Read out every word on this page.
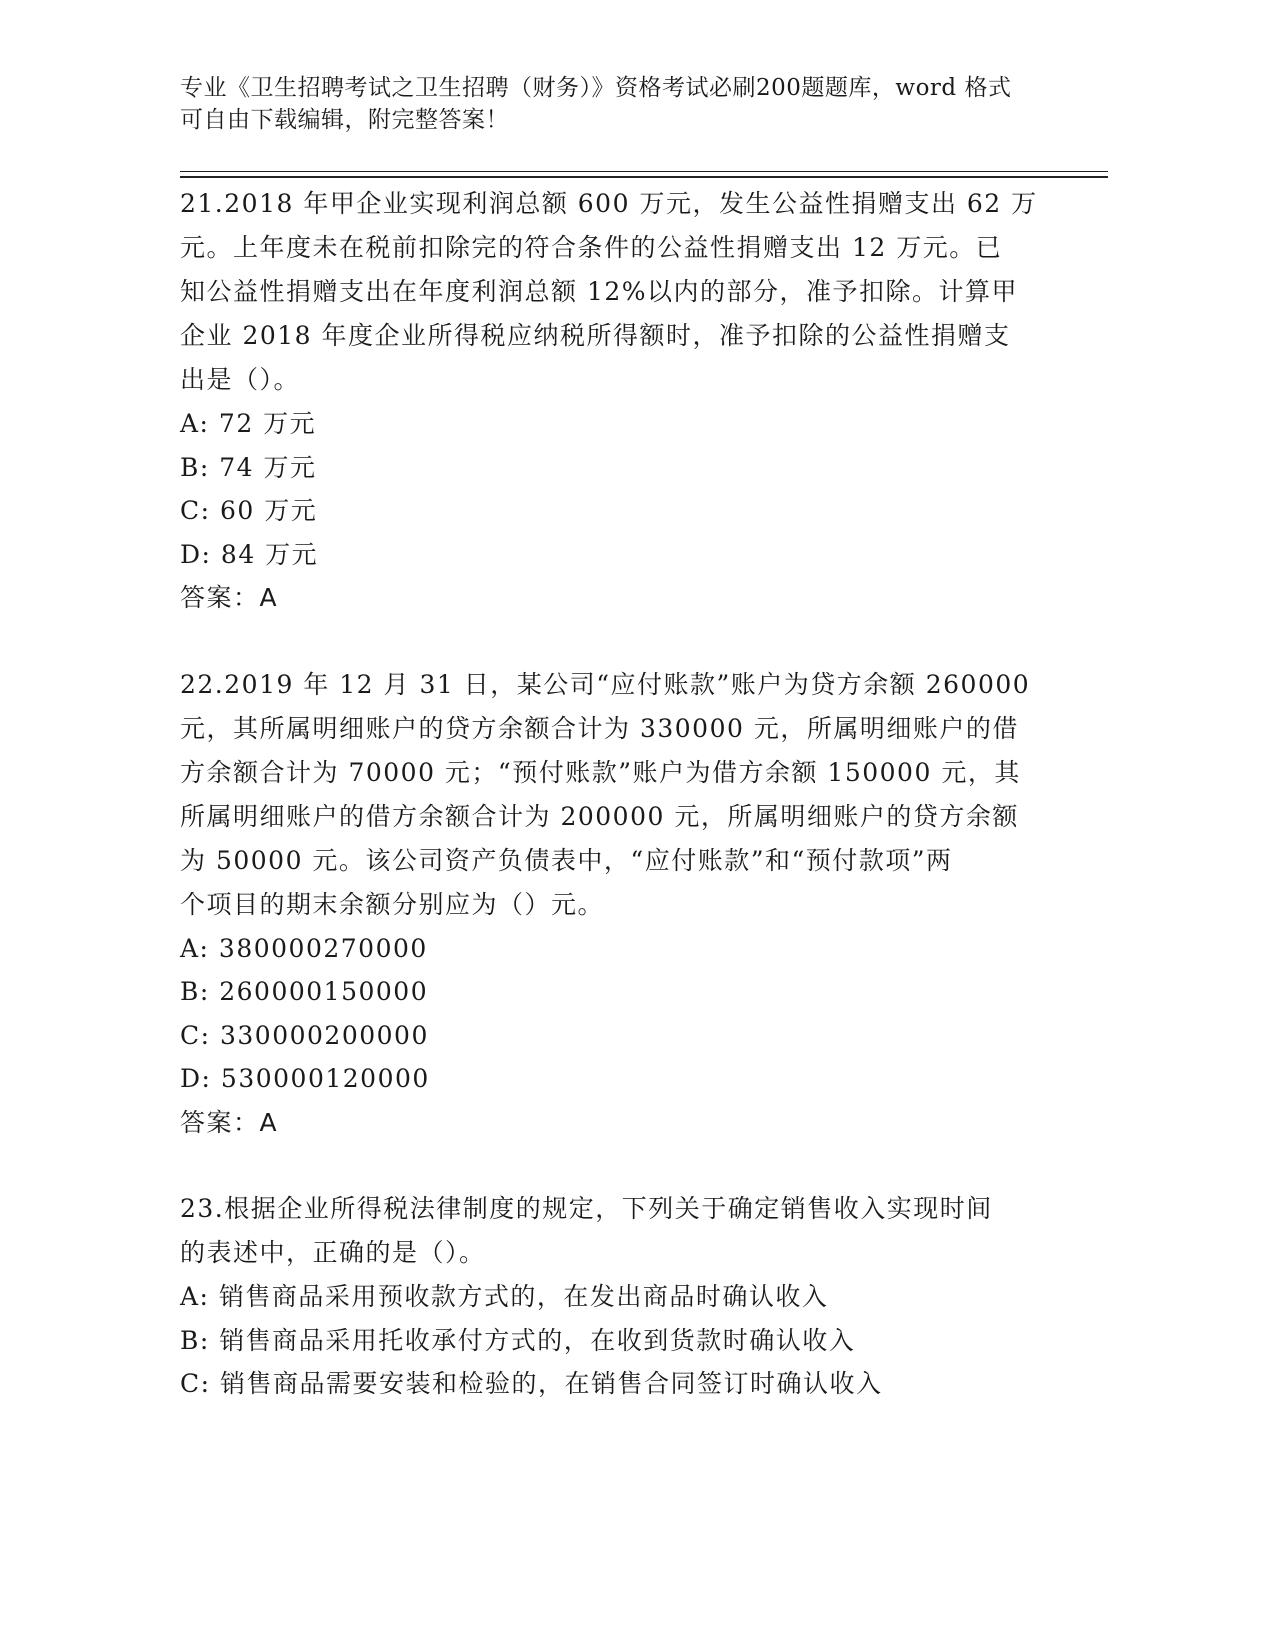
专业《卫生招聘考试之卫生招聘（财务）》资格考试必刷200题题库，word 格式
可自由下载编辑，附完整答案！
21.2018 年甲企业实现利润总额 600 万元，发生公益性捐赠支出 62 万
元。上年度未在税前扣除完的符合条件的公益性捐赠支出 12 万元。已
知公益性捐赠支出在年度利润总额 12%以内的部分，准予扣除。计算甲
企业 2018 年度企业所得税应纳税所得额时，准予扣除的公益性捐赠支
出是（）。
A: 72 万元
B: 74 万元
C: 60 万元
D: 84 万元
答案：A
22.2019 年 12 月 31 日，某公司“应付账款”账户为贷方余额 260000
元，其所属明细账户的贷方余额合计为 330000 元，所属明细账户的借
方余额合计为 70000 元；“预付账款”账户为借方余额 150000 元，其
所属明细账户的借方余额合计为 200000 元，所属明细账户的贷方余额
为 50000 元。该公司资产负债表中，“应付账款”和“预付款项”两
个项目的期末余额分别应为（）元。
A: 380000270000
B: 260000150000
C: 330000200000
D: 530000120000
答案：A
23.根据企业所得税法律制度的规定，下列关于确定销售收入实现时间
的表述中，正确的是（）。
A: 销售商品采用预收款方式的，在发出商品时确认收入
B: 销售商品采用托收承付方式的，在收到货款时确认收入
C: 销售商品需要安装和检验的，在销售合同签订时确认收入
